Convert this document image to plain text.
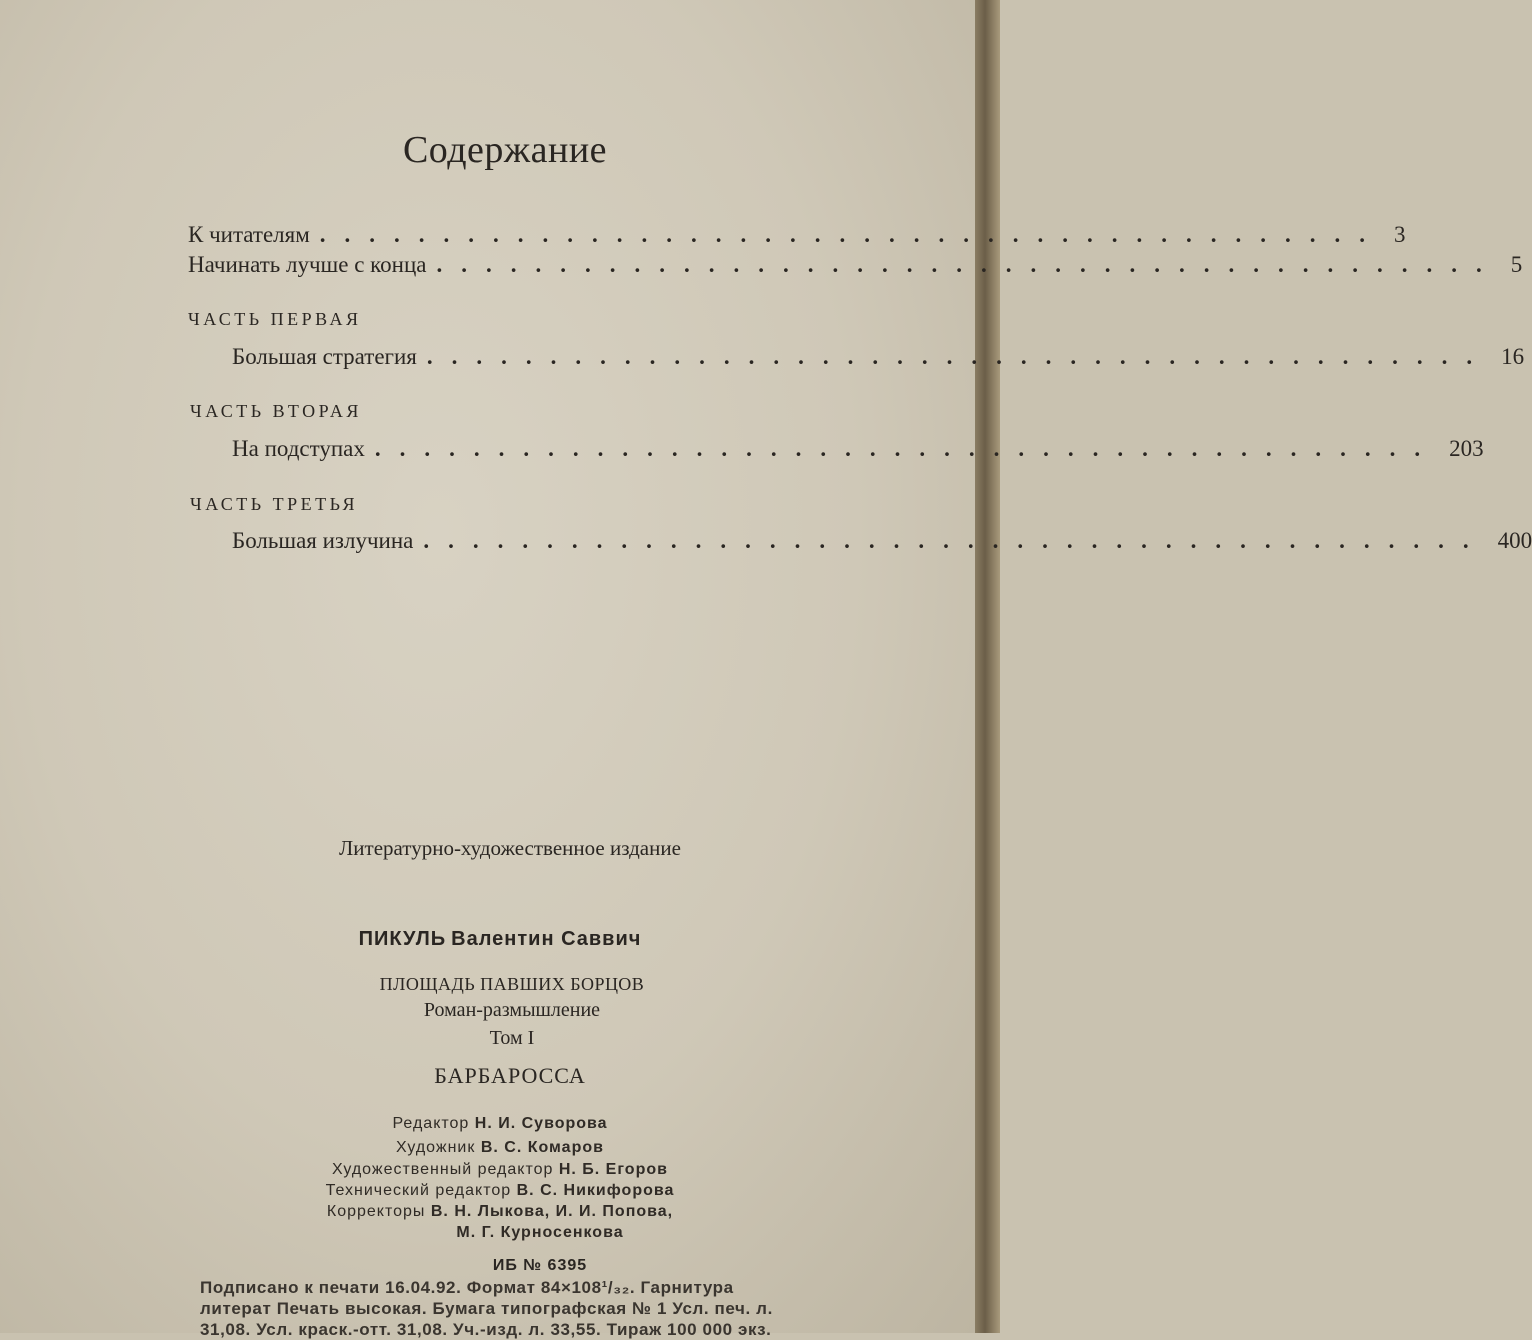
Содержание
К читателям ........................................... 3
Начинать лучше с конца ........................................... 5
ЧАСТЬ ПЕРВАЯ
Большая стратегия ........................................... 16
ЧАСТЬ ВТОРАЯ
На подступах ........................................... 203
ЧАСТЬ ТРЕТЬЯ
Большая излучина ........................................... 400
Литературно-художественное издание
ПИКУЛЬ Валентин Саввич
ПЛОЩАДЬ ПАВШИХ БОРЦОВ
Роман-размышление
Том I
БАРБАРОССА
Редактор Н. И. Суворова
Художник В. С. Комаров
Художественный редактор Н. Б. Егоров
Технический редактор В. С. Никифорова
Корректоры В. Н. Лыкова, И. И. Попова,
М. Г. Курносенкова
ИБ № 6395
Подписано к печати 16.04.92. Формат 84×108¹/₃₂. Гарнитура
литерат Печать высокая. Бумага типографская № 1 Усл. печ. л.
31,08. Усл. краск.-отт. 31,08. Уч.-изд. л. 33,55. Тираж 100 000 экз.
